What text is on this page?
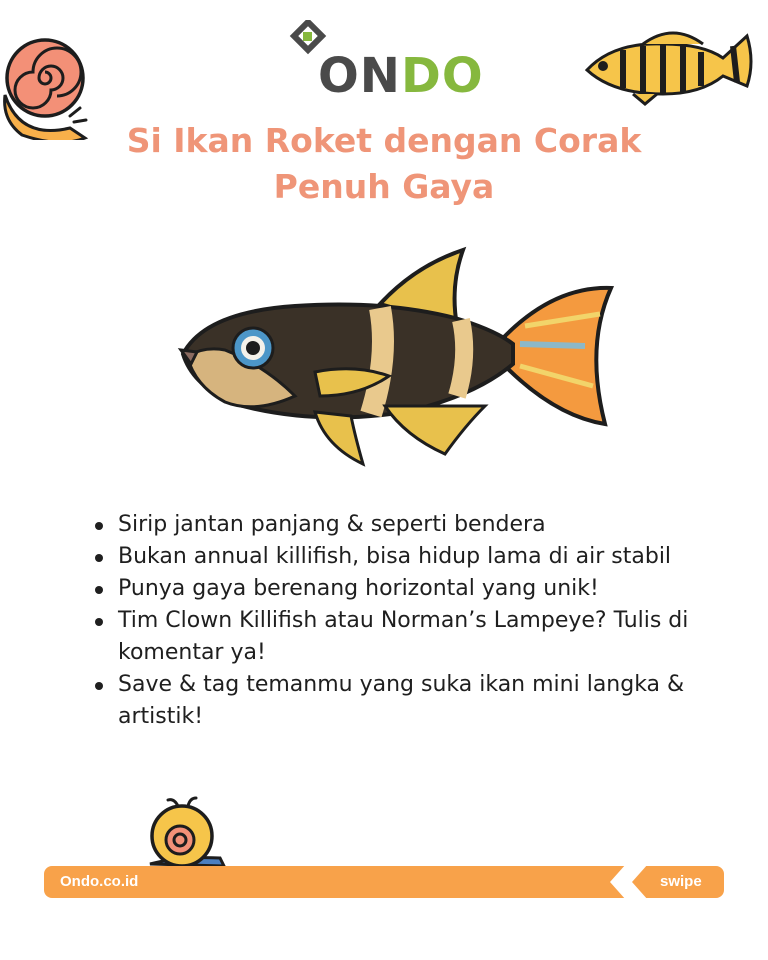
ONDO
Si Ikan Roket dengan Corak
Penuh Gaya
Sirip jantan panjang & seperti bendera
Bukan annual killifish, bisa hidup lama di air stabil
Punya gaya berenang horizontal yang unik!
Tim Clown Killifish atau Norman’s Lampeye? Tulis di komentar ya!
Save & tag temanmu yang suka ikan mini langka & artistik!
Ondo.co.id	swipe
